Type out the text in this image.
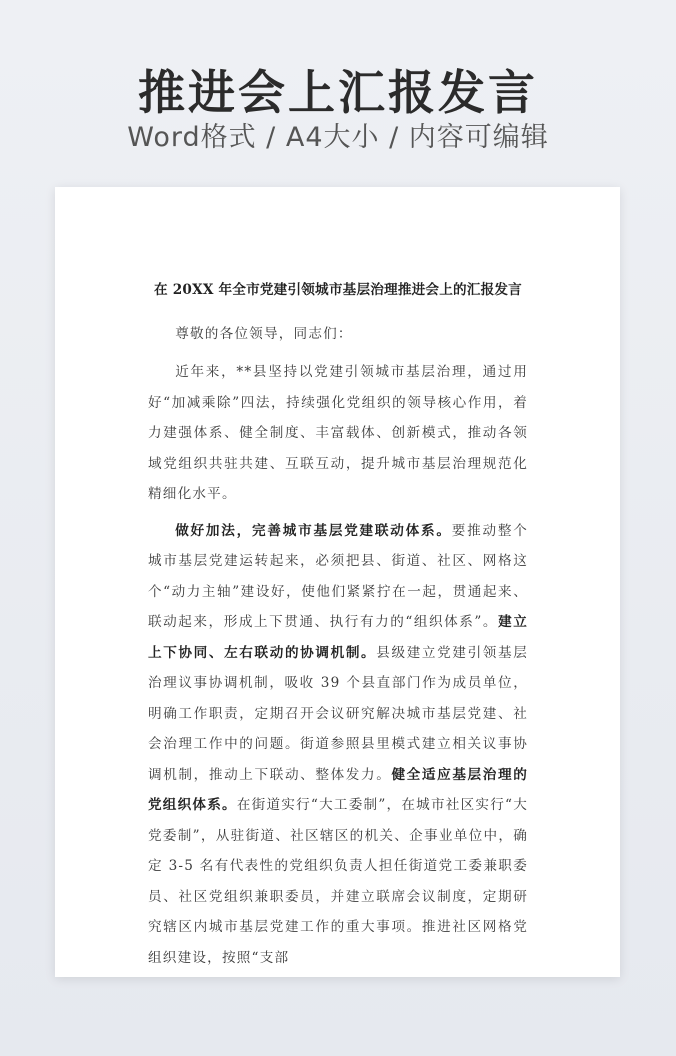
推进会上汇报发言
Word格式 / A4大小 / 内容可编辑
在 20XX 年全市党建引领城市基层治理推进会上的汇报发言

尊敬的各位领导，同志们：

近年来，**县坚持以党建引领城市基层治理，通过用好“加减乘除”四法，持续强化党组织的领导核心作用，着力建强体系、健全制度、丰富载体、创新模式，推动各领域党组织共驻共建、互联互动，提升城市基层治理规范化精细化水平。

做好加法，完善城市基层党建联动体系。要推动整个城市基层党建运转起来，必须把县、街道、社区、网格这个“动力主轴”建设好，使他们紧紧拧在一起，贯通起来、联动起来，形成上下贯通、执行有力的“组织体系”。建立上下协同、左右联动的协调机制。县级建立党建引领基层治理议事协调机制，吸收 39 个县直部门作为成员单位，明确工作职责，定期召开会议研究解决城市基层党建、社会治理工作中的问题。街道参照县里模式建立相关议事协调机制，推动上下联动、整体发力。健全适应基层治理的党组织体系。在街道实行“大工委制”，在城市社区实行“大党委制”，从驻街道、社区辖区的机关、企事业单位中，确定 3-5 名有代表性的党组织负责人担任街道党工委兼职委员、社区党组织兼职委员，并建立联席会议制度，定期研究辖区内城市基层党建工作的重大事项。推进社区网格党组织建设，按照“支部
